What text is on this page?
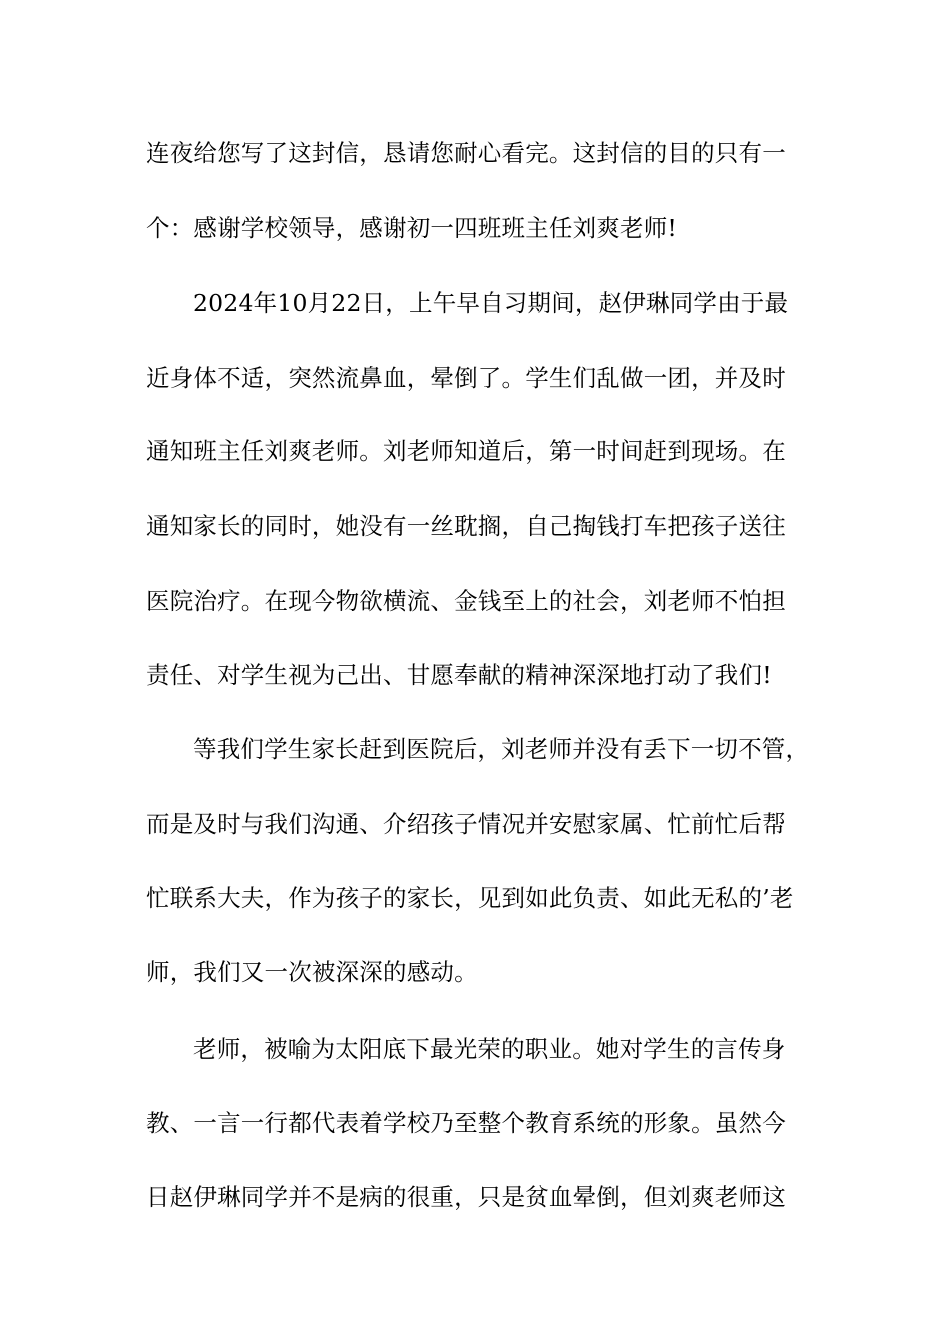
连夜给您写了这封信，恳请您耐心看完。这封信的目的只有一
个：感谢学校领导，感谢初一四班班主任刘爽老师!
2024年10月22日，上午早自习期间，赵伊琳同学由于最
近身体不适，突然流鼻血，晕倒了。学生们乱做一团，并及时
通知班主任刘爽老师。刘老师知道后，第一时间赶到现场。在
通知家长的同时，她没有一丝耽搁，自己掏钱打车把孩子送往
医院治疗。在现今物欲横流、金钱至上的社会，刘老师不怕担
责任、对学生视为己出、甘愿奉献的精神深深地打动了我们!
等我们学生家长赶到医院后，刘老师并没有丢下一切不管，
而是及时与我们沟通、介绍孩子情况并安慰家属、忙前忙后帮
忙联系大夫，作为孩子的家长，见到如此负责、如此无私的’老
师，我们又一次被深深的感动。
老师，被喻为太阳底下最光荣的职业。她对学生的言传身
教、一言一行都代表着学校乃至整个教育系统的形象。虽然今
日赵伊琳同学并不是病的很重，只是贫血晕倒，但刘爽老师这
